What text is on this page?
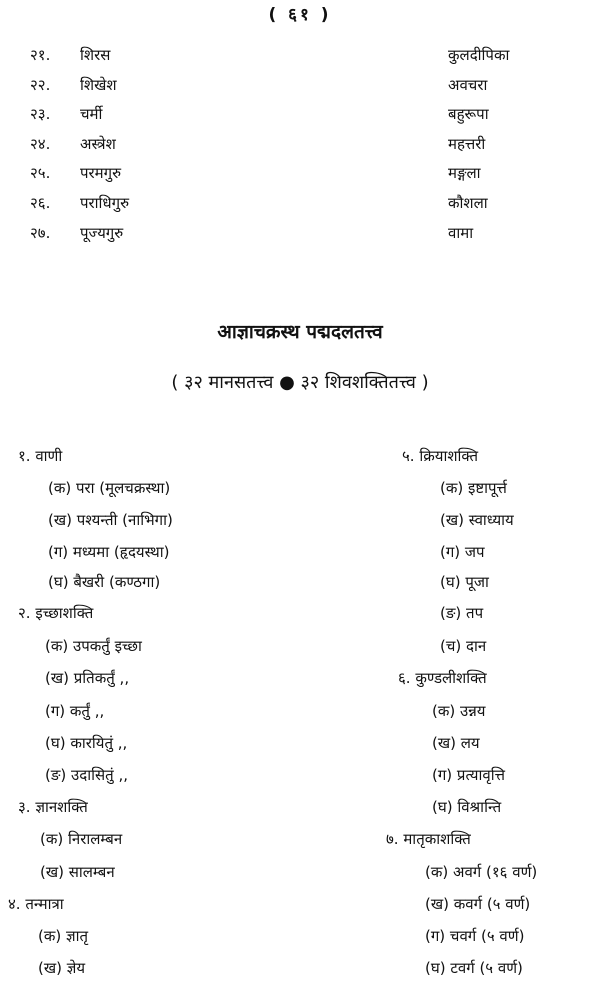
( ६१ )
२१. शिरस	कुलदीपिका
२२. शिखेश	अवचरा
२३. चर्मी	बहुरूपा
२४. अस्त्रेश	महत्तरी
२५. परमगुरु	मङ्गला
२६. पराधिगुरु	कौशला
२७. पूज्यगुरु	वामा
आज्ञाचक्रस्थ पद्मदलतत्त्व
( ३२ मानसतत्त्व ● ३२ शिवशक्तितत्त्व )
१. वाणी
(क) परा (मूलचक्रस्था)
(ख) पश्यन्ती (नाभिगा)
(ग) मध्यमा (हृदयस्था)
(घ) बैखरी (कण्ठगा)
२. इच्छाशक्ति
(क) उपकर्तुं इच्छा
(ख) प्रतिकर्तुं ,,
(ग) कर्तुं ,,
(घ) कारयितुं ,,
(ङ) उदासितुं ,,
३. ज्ञानशक्ति
(क) निरालम्बन
(ख) सालम्बन
४. तन्मात्रा
(क) ज्ञातृ
(ख) ज्ञेय
५. क्रियाशक्ति
(क) इष्टापूर्त्त
(ख) स्वाध्याय
(ग) जप
(घ) पूजा
(ङ) तप
(च) दान
६. कुण्डलीशक्ति
(क) उन्नय
(ख) लय
(ग) प्रत्यावृत्ति
(घ) विश्रान्ति
७. मातृकाशक्ति
(क) अवर्ग (१६ वर्ण)
(ख) कवर्ग (५ वर्ण)
(ग) चवर्ग (५ वर्ण)
(घ) टवर्ग (५ वर्ण)
